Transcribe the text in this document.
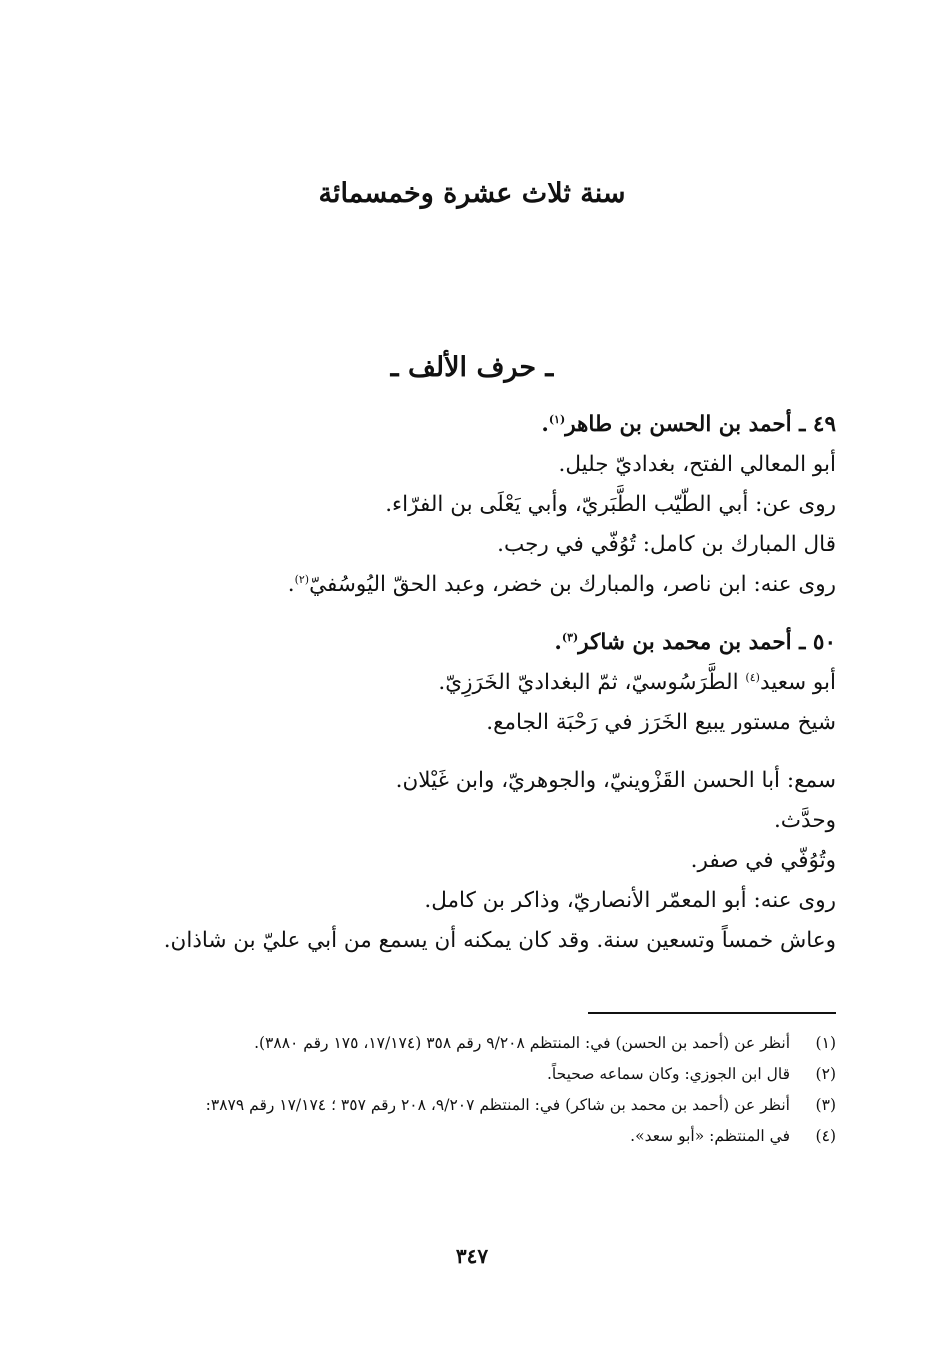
سنة ثلاث عشرة وخمسمائة
ـ حرف الألف ـ
٤٩ ـ أحمد بن الحسن بن طاهر$^{(١)}$.
أبو المعالي الفتح، بغداديّ جليل.
روى عن: أبي الطّيّب الطَّبَريّ، وأبي يَعْلَى بن الفرّاء.
قال المبارك بن كامل: تُوُفّي في رجب.
روى عنه: ابن ناصر، والمبارك بن خضر، وعبد الحقّ اليُوسُفيّ$^{(٢)}$.
٥٠ ـ أحمد بن محمد بن شاكر$^{(٣)}$.
أبو سعيد$^{(٤)}$ الطَّرَسُوسيّ، ثمّ البغداديّ الخَرَزِيّ.
شيخ مستور يبيع الخَرَز في رَحْبَة الجامع.
سمع: أبا الحسن القَزْوينيّ، والجوهريّ، وابن غَيْلان.
وحدَّث.
وتُوُفّي في صفر.
روى عنه: أبو المعمّر الأنصاريّ، وذاكر بن كامل.
وعاش خمساً وتسعين سنة. وقد كان يمكنه أن يسمع من أبي عليّ بن شاذان.
(١)
أنظر عن (أحمد بن الحسن) في: المنتظم ٩/٢٠٨ رقم ٣٥٨ (١٧/١٧٤، ١٧٥ رقم ٣٨٨٠).
(٢)
قال ابن الجوزي: وكان سماعه صحيحاً.
(٣)
أنظر عن (أحمد بن محمد بن شاكر) في: المنتظم ٩/٢٠٧، ٢٠٨ رقم ٣٥٧ ؛ ١٧/١٧٤ رقم ٣٨٧٩:
(٤)
في المنتظم: «أبو سعد».
٣٤٧
